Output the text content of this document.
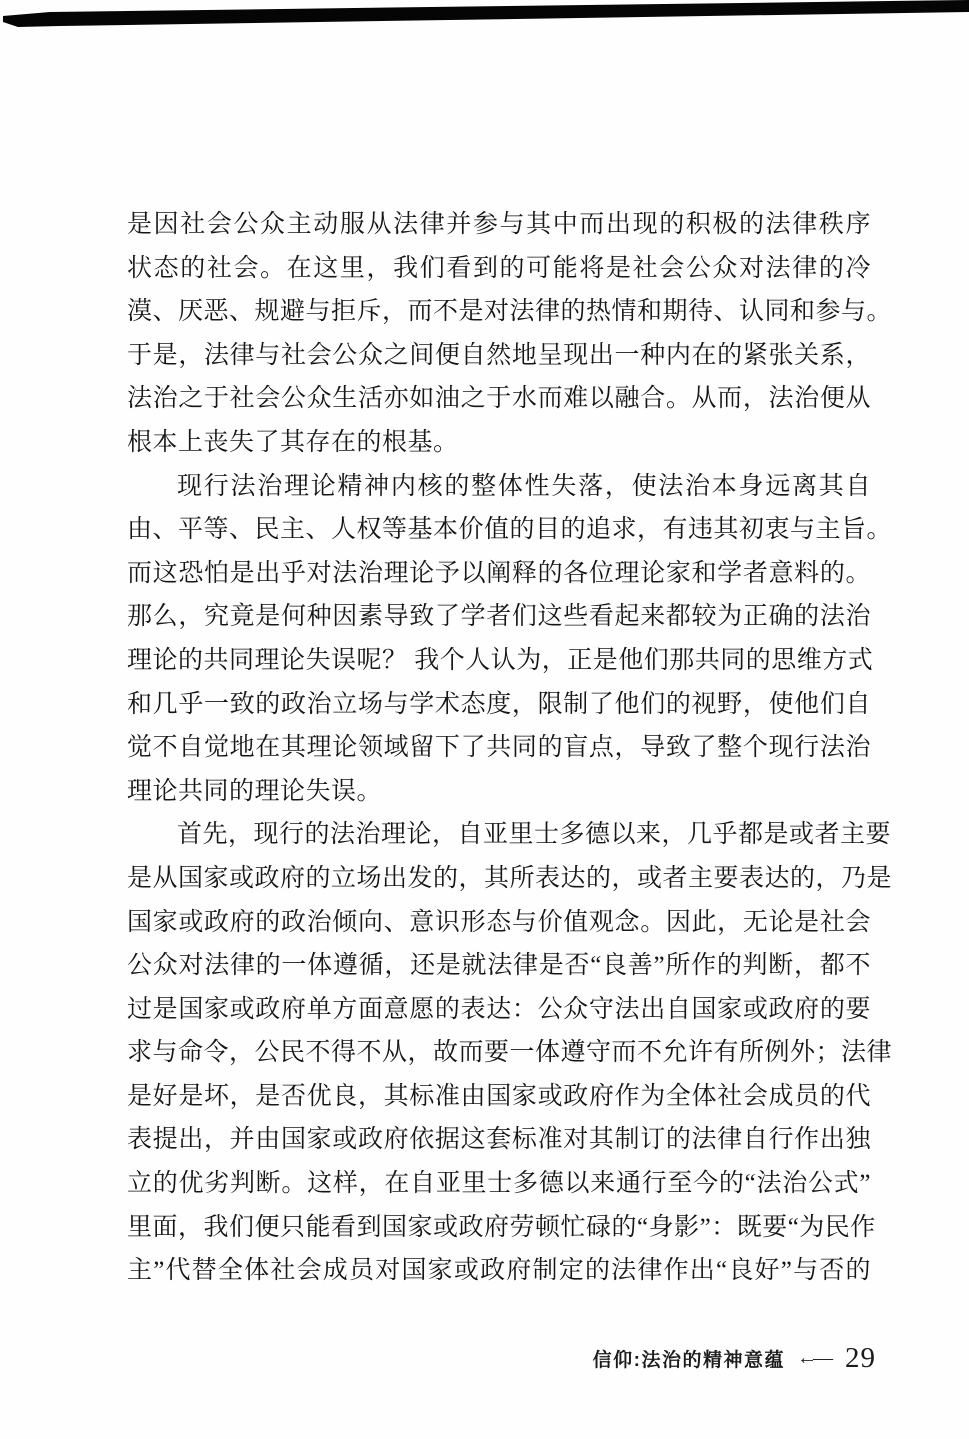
是因社会公众主动服从法律并参与其中而出现的积极的法律秩序
状态的社会。在这里，我们看到的可能将是社会公众对法律的冷
漠、厌恶、规避与拒斥，而不是对法律的热情和期待、认同和参与。
于是，法律与社会公众之间便自然地呈现出一种内在的紧张关系，
法治之于社会公众生活亦如油之于水而难以融合。从而，法治便从
根本上丧失了其存在的根基。
现行法治理论精神内核的整体性失落，使法治本身远离其自
由、平等、民主、人权等基本价值的目的追求，有违其初衷与主旨。
而这恐怕是出乎对法治理论予以阐释的各位理论家和学者意料的。
那么，究竟是何种因素导致了学者们这些看起来都较为正确的法治
理论的共同理论失误呢？ 我个人认为，正是他们那共同的思维方式
和几乎一致的政治立场与学术态度，限制了他们的视野，使他们自
觉不自觉地在其理论领域留下了共同的盲点，导致了整个现行法治
理论共同的理论失误。
首先，现行的法治理论，自亚里士多德以来，几乎都是或者主要
是从国家或政府的立场出发的，其所表达的，或者主要表达的，乃是
国家或政府的政治倾向、意识形态与价值观念。因此，无论是社会
公众对法律的一体遵循，还是就法律是否“良善”所作的判断，都不
过是国家或政府单方面意愿的表达：公众守法出自国家或政府的要
求与命令，公民不得不从，故而要一体遵守而不允许有所例外；法律
是好是坏，是否优良，其标准由国家或政府作为全体社会成员的代
表提出，并由国家或政府依据这套标准对其制订的法律自行作出独
立的优劣判断。这样，在自亚里士多德以来通行至今的“法治公式”
里面，我们便只能看到国家或政府劳顿忙碌的“身影”：既要“为民作
主”代替全体社会成员对国家或政府制定的法律作出“良好”与否的
信仰:法治的精神意蕴 ←― 29
